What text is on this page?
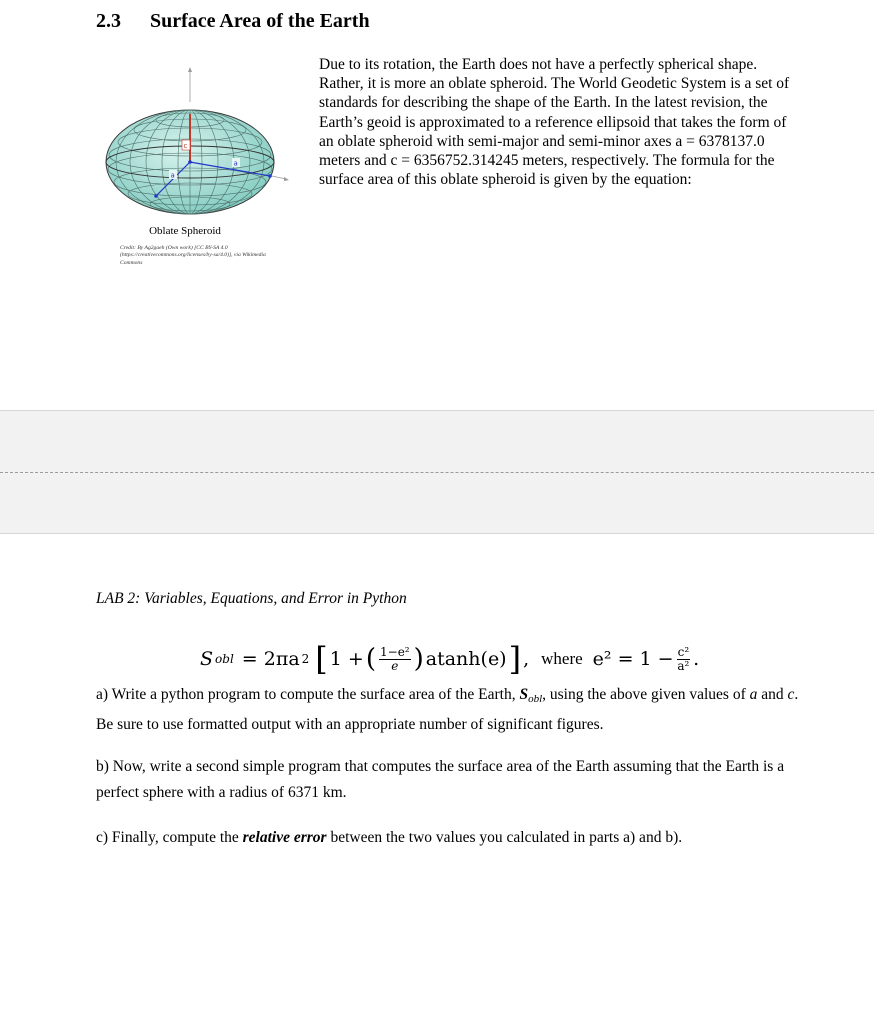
2.3 Surface Area of the Earth
c
a
a
Oblate Spheroid
Credit: By Ag2gaeh (Own work) [CC BY-SA 4.0 (https://creativecommons.org/licenses/by-sa/4.0)], via Wikimedia Commons
Due to its rotation, the Earth does not have a perfectly spherical shape. Rather, it is more an oblate spheroid. The World Geodetic System is a set of standards for describing the shape of the Earth. In the latest revision, the Earth’s geoid is approximated to a reference ellipsoid that takes the form of an oblate spheroid with semi-major and semi-minor axes a = 6378137.0 meters and c = 6356752.314245 meters, respectively. The formula for the surface area of this oblate spheroid is given by the equation:
LAB 2: Variables, Equations, and Error in Python
S obl = 2πa 2 [ 1 + ( $\frac{\text{1−e²}}{e}$ ) atanh(e) ] , where $e^2 = 1 - \frac{\text{c²}}{\text{a²}}$ .
a) Write a python program to compute the surface area of the Earth, Sobl, using the above given values of a and c. Be sure to use formatted output with an appropriate number of significant figures.
b) Now, write a second simple program that computes the surface area of the Earth assuming that the Earth is a perfect sphere with a radius of 6371 km.
c) Finally, compute the relative error between the two values you calculated in parts a) and b).
